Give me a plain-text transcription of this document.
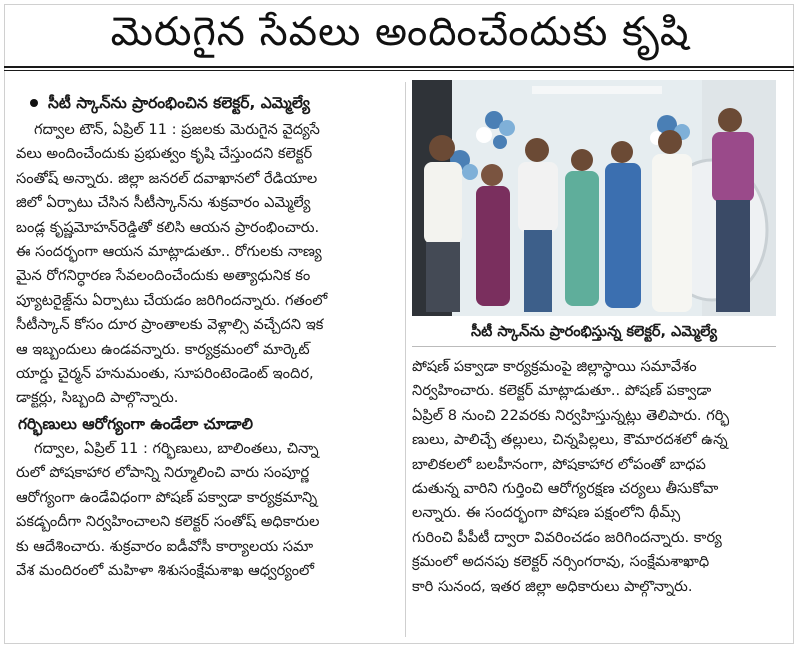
మెరుగైన సేవలు అందించేందుకు కృషి
సీటీ స్కాన్‌ను ప్రారంభించిన కలెక్టర్, ఎమ్మెల్యే
గద్వాల టౌన్, ఏప్రిల్ 11 : ప్రజలకు మెరుగైన వైద్యసే
వలు అందించేందుకు ప్రభుత్వం కృషి చేస్తుందని కలెక్టర్
సంతోష్ అన్నారు. జిల్లా జనరల్ దవాఖానలో రేడియాల
జిలో ఏర్పాటు చేసిన సీటీస్కాన్‌ను శుక్రవారం ఎమ్మెల్యే
బండ్ల కృష్ణమోహన్‌రెడ్డితో కలిసి ఆయన ప్రారంభించారు.
ఈ సందర్భంగా ఆయన మాట్లాడుతూ.. రోగులకు నాణ్య
మైన రోగనిర్ధారణ సేవలందించేందుకు అత్యాధునిక కం
ప్యూటరైజ్డ్‌ను ఏర్పాటు చేయడం జరిగిందన్నారు. గతంలో
సీటీస్కాన్ కోసం దూర ప్రాంతాలకు వెళ్లాల్సి వచ్చేదని ఇక
ఆ ఇబ్బందులు ఉండవన్నారు. కార్యక్రమంలో మార్కెట్
యార్డు చైర్మన్ హనుమంతు, సూపరింటెండెంట్ ఇందిర,
డాక్టర్లు, సిబ్బంది పాల్గొన్నారు.
గర్భిణులు ఆరోగ్యంగా ఉండేలా చూడాలి
గద్వాల, ఏప్రిల్ 11 : గర్భిణులు, బాలింతలు, చిన్నా
రులో పోషకాహార లోపాన్ని నిర్మూలించి వారు సంపూర్ణ
ఆరోగ్యంగా ఉండేవిధంగా పోషణ్ పక్వాడా కార్యక్రమాన్ని
పకడ్బందీగా నిర్వహించాలని కలెక్టర్ సంతోష్ అధికారుల
కు ఆదేశించారు. శుక్రవారం ఐడీవోసీ కార్యాలయ సమా
వేశ మందిరంలో మహిళా శిశుసంక్షేమశాఖ ఆధ్వర్యంలో
సీటీ స్కాన్‌ను ప్రారంభిస్తున్న కలెక్టర్, ఎమ్మెల్యే
పోషణ్ పక్వాడా కార్యక్రమంపై జిల్లాస్థాయి సమావేశం
నిర్వహించారు. కలెక్టర్ మాట్లాడుతూ.. పోషణ్ పక్వాడా
ఏప్రిల్ 8 నుంచి 22వరకు నిర్వహిస్తున్నట్లు తెలిపారు. గర్భి
ణులు, పాలిచ్చే తల్లులు, చిన్నపిల్లలు, కౌమారదశలో ఉన్న
బాలికలలో బలహీనంగా, పోషకాహార లోపంతో బాధప
డుతున్న వారిని గుర్తించి ఆరోగ్యరక్షణ చర్యలు తీసుకోవా
లన్నారు. ఈ సందర్భంగా పోషణ పక్షంలోని థీమ్స్
గురించి పీపీటీ ద్వారా వివరించడం జరిగిందన్నారు. కార్య
క్రమంలో అదనపు కలెక్టర్ నర్సింగరావు, సంక్షేమశాఖాధి
కారి సునంద, ఇతర జిల్లా అధికారులు పాల్గొన్నారు.
